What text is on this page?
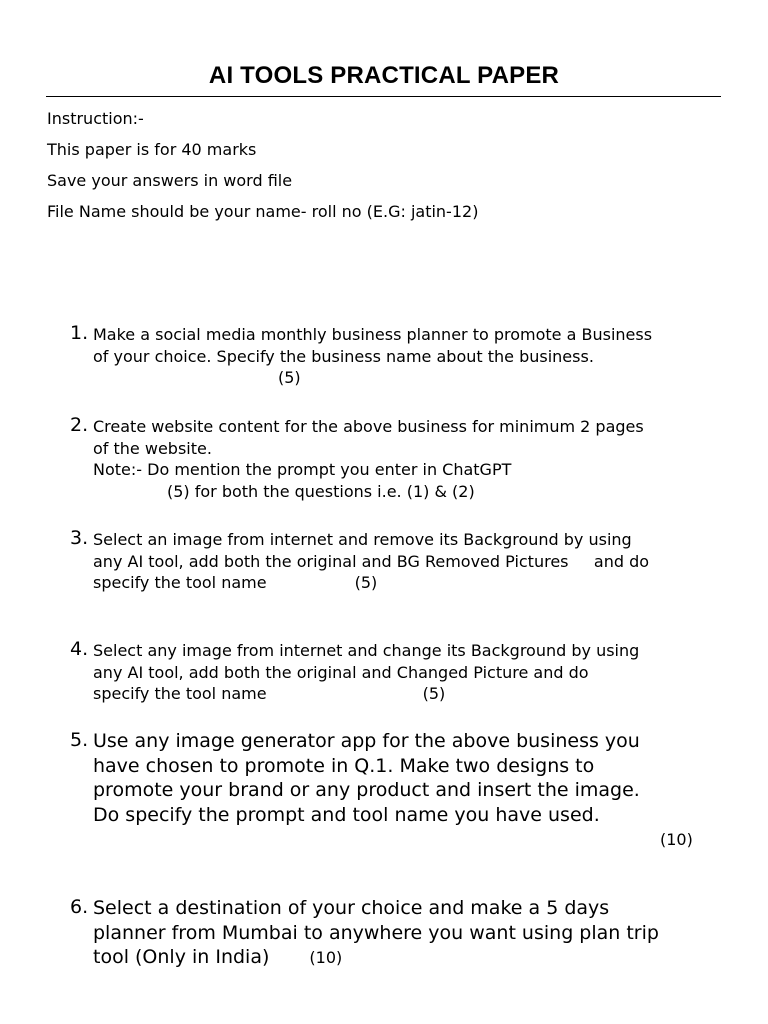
AI TOOLS PRACTICAL PAPER
Instruction:-
This paper is for 40 marks
Save your answers in word file
File Name should be your name- roll no (E.G: jatin-12)
1. Make a social media monthly business planner to promote a Business
of your choice. Specify the business name about the business.
(5)
2. Create website content for the above business for minimum 2 pages
of the website.
Note:- Do mention the prompt you enter in ChatGPT
(5) for both the questions i.e. (1) & (2)
3. Select an image from internet and remove its Background by using
any AI tool, add both the original and BG Removed Pictures     and do
specify the tool name	(5)
4. Select any image from internet and change its Background by using
any AI tool, add both the original and Changed Picture and do
specify the tool name	(5)
5. Use any image generator app for the above business you
have chosen to promote in Q.1. Make two designs to
promote your brand or any product and insert the image.
Do specify the prompt and tool name you have used.
(10)
6. Select a destination of your choice and make a 5 days
planner from Mumbai to anywhere you want using plan trip
tool (Only in India)	(10)
